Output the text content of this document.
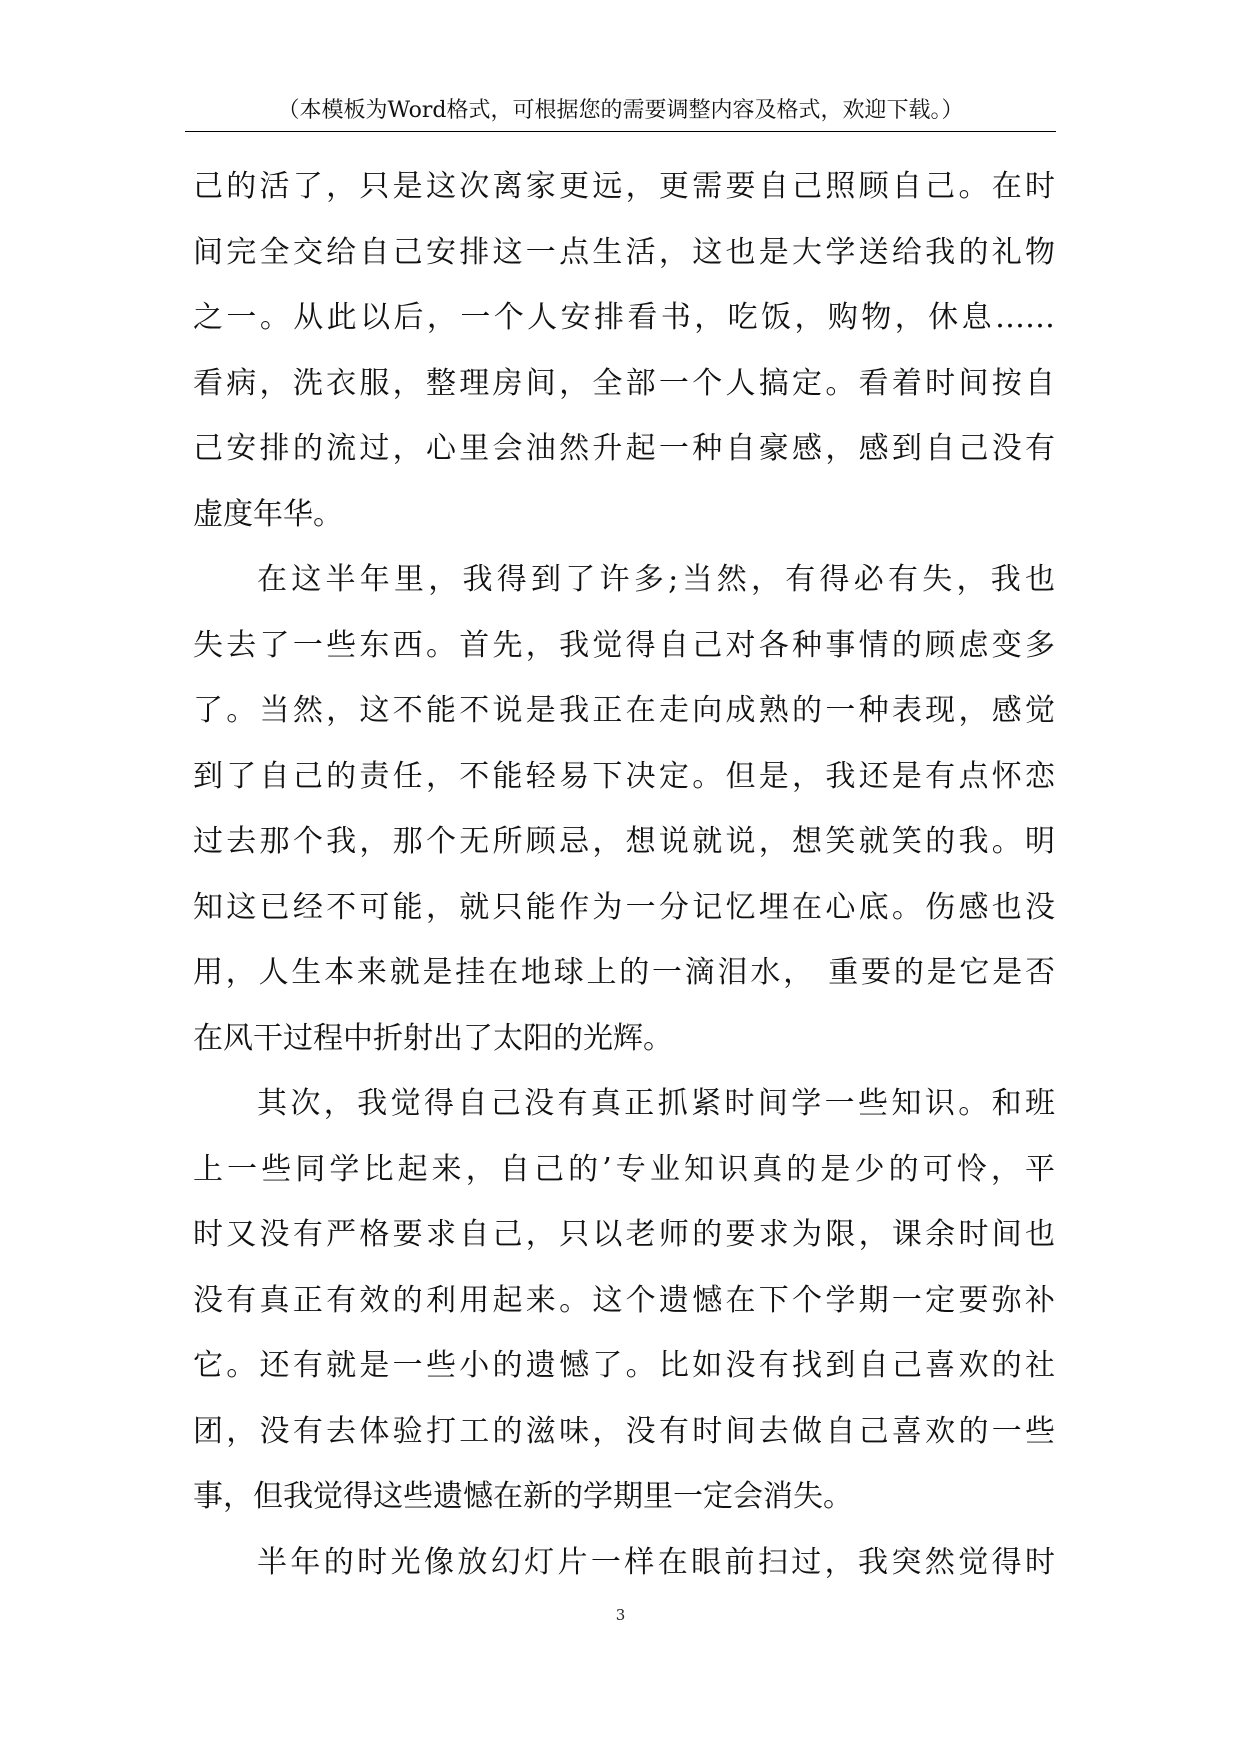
（本模板为Word格式，可根据您的需要调整内容及格式，欢迎下载。）
己的活了，只是这次离家更远，更需要自己照顾自己。在时
间完全交给自己安排这一点生活，这也是大学送给我的礼物
之一。从此以后，一个人安排看书，吃饭，购物，休息……
看病，洗衣服，整理房间，全部一个人搞定。看着时间按自
己安排的流过，心里会油然升起一种自豪感，感到自己没有
虚度年华。
在这半年里，我得到了许多;当然，有得必有失，我也
失去了一些东西。首先，我觉得自己对各种事情的顾虑变多
了。当然，这不能不说是我正在走向成熟的一种表现，感觉
到了自己的责任，不能轻易下决定。但是，我还是有点怀恋
过去那个我，那个无所顾忌，想说就说，想笑就笑的我。明
知这已经不可能，就只能作为一分记忆埋在心底。伤感也没
用，人生本来就是挂在地球上的一滴泪水， 重要的是它是否
在风干过程中折射出了太阳的光辉。
其次，我觉得自己没有真正抓紧时间学一些知识。和班
上一些同学比起来，自己的’专业知识真的是少的可怜，平
时又没有严格要求自己，只以老师的要求为限，课余时间也
没有真正有效的利用起来。这个遗憾在下个学期一定要弥补
它。还有就是一些小的遗憾了。比如没有找到自己喜欢的社
团，没有去体验打工的滋味，没有时间去做自己喜欢的一些
事，但我觉得这些遗憾在新的学期里一定会消失。
半年的时光像放幻灯片一样在眼前扫过，我突然觉得时
3
